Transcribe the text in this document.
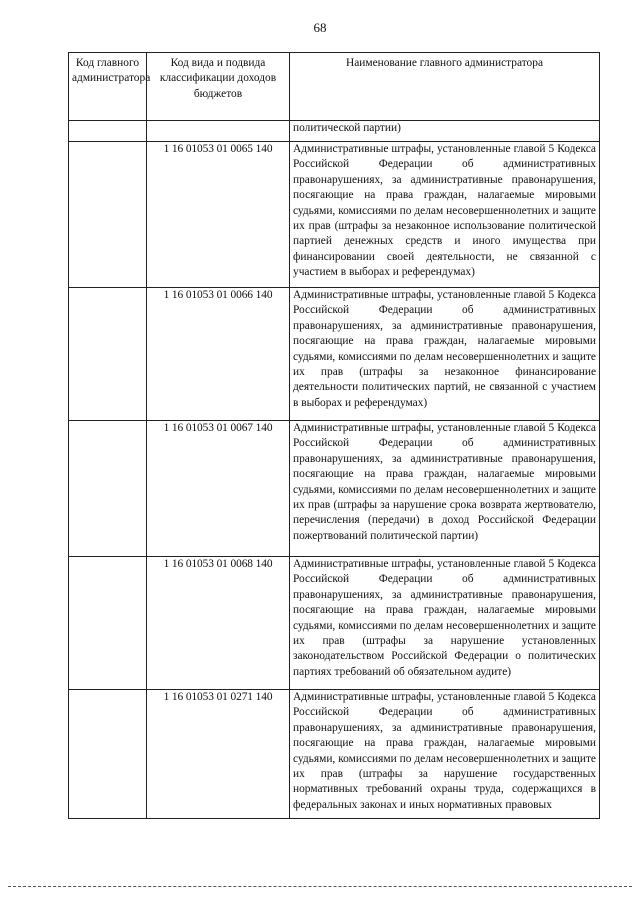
68
Код главного администратора	Код вида и подвида классификации доходов бюджетов	Наименование главного администратора
		политической партии)
	1 16 01053 01 0065 140	Административные штрафы, установленные главой 5 Кодекса Российской Федерации об административных правонарушениях, за административные правонарушения, посягающие на права граждан, налагаемые мировыми судьями, комиссиями по делам несовершеннолетних и защите их прав (штрафы за незаконное использование политической партией денежных средств и иного имущества при финансировании своей деятельности, не связанной с участием в выборах и референдумах)
	1 16 01053 01 0066 140	Административные штрафы, установленные главой 5 Кодекса Российской Федерации об административных правонарушениях, за административные правонарушения, посягающие на права граждан, налагаемые мировыми судьями, комиссиями по делам несовершеннолетних и защите их прав (штрафы за незаконное финансирование деятельности политических партий, не связанной с участием в выборах и референдумах)
	1 16 01053 01 0067 140	Административные штрафы, установленные главой 5 Кодекса Российской Федерации об административных правонарушениях, за административные правонарушения, посягающие на права граждан, налагаемые мировыми судьями, комиссиями по делам несовершеннолетних и защите их прав (штрафы за нарушение срока возврата жертвователю, перечисления (передачи) в доход Российской Федерации пожертвований политической партии)
	1 16 01053 01 0068 140	Административные штрафы, установленные главой 5 Кодекса Российской Федерации об административных правонарушениях, за административные правонарушения, посягающие на права граждан, налагаемые мировыми судьями, комиссиями по делам несовершеннолетних и защите их прав (штрафы за нарушение установленных законодательством Российской Федерации о политических партиях требований об обязательном аудите)
	1 16 01053 01 0271 140	Административные штрафы, установленные главой 5 Кодекса Российской Федерации об административных правонарушениях, за административные правонарушения, посягающие на права граждан, налагаемые мировыми судьями, комиссиями по делам несовершеннолетних и защите их прав (штрафы за нарушение государственных нормативных требований охраны труда, содержащихся в федеральных законах и иных нормативных правовых
